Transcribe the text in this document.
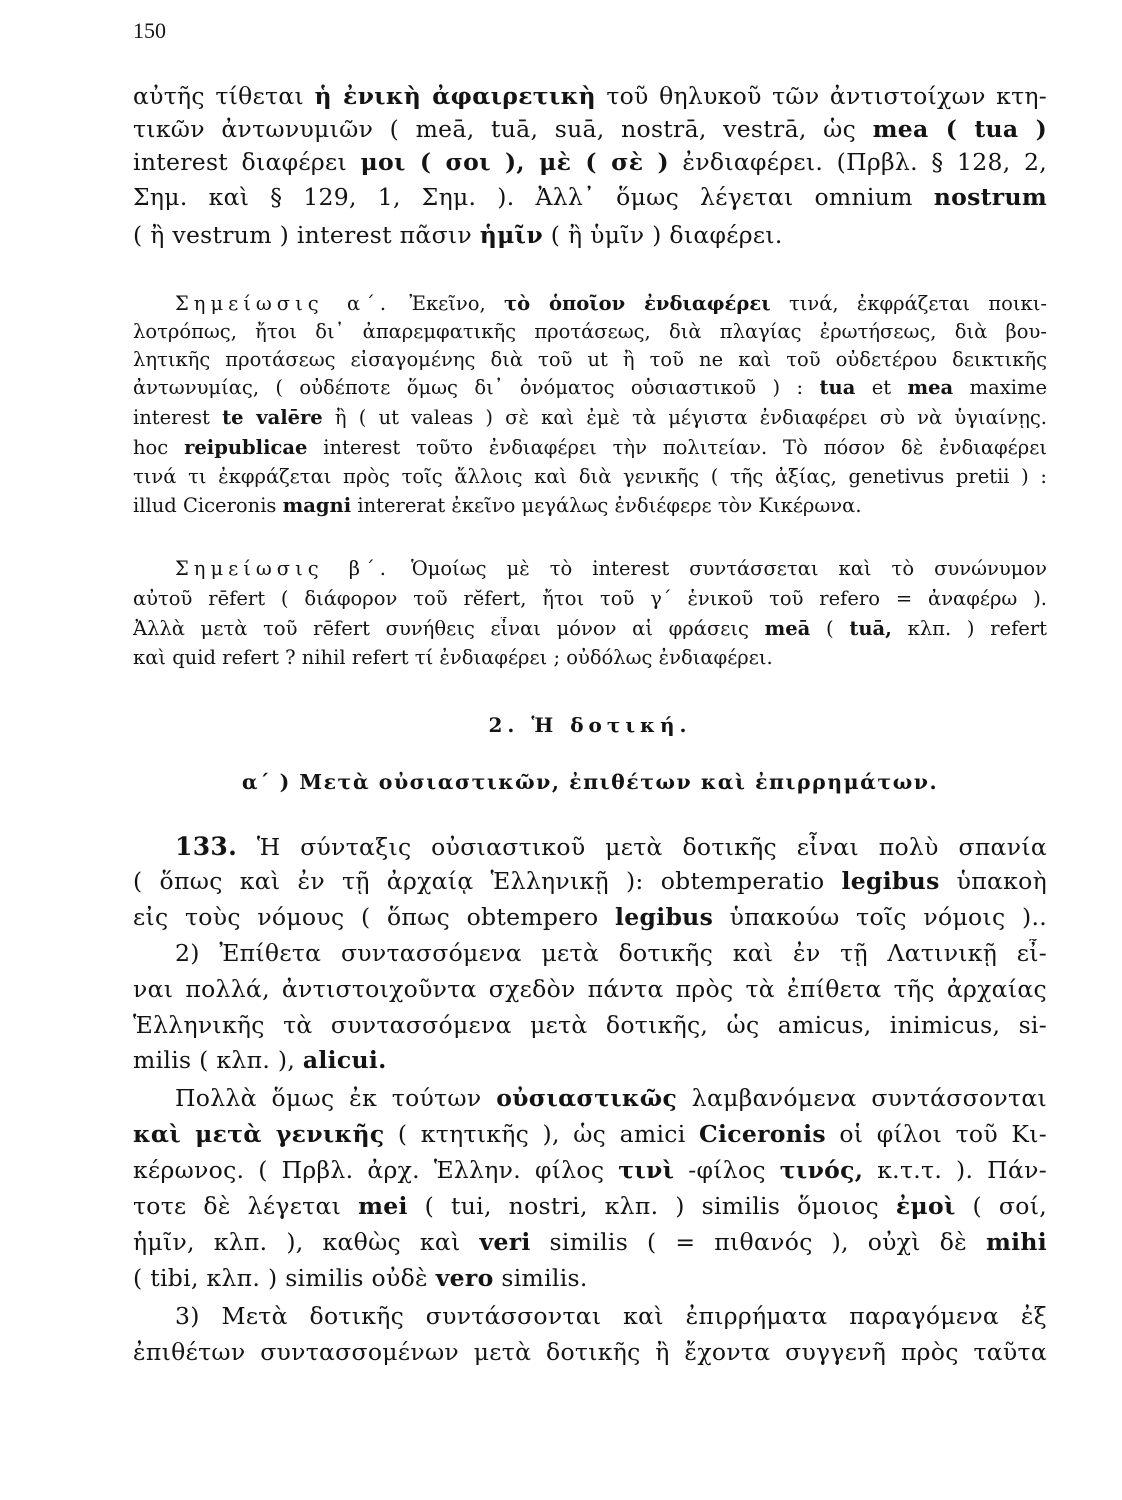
150
αὐτῆς τίθεται ἡ ἐνικὴ ἀφαιρετικὴ τοῦ θηλυκοῦ τῶν ἀντιστοίχων κτη-
τικῶν ἀντωνυμιῶν ( meā, tuā, suā, nostrā, vestrā, ὡς mea ( tua )
interest διαφέρει μοι ( σοι ), μὲ ( σὲ ) ἐνδιαφέρει. (Πρβλ. § 128, 2,
Σημ. καὶ § 129, 1, Σημ. ). Ἀλλ᾽ ὅμως λέγεται omnium nostrum
( ἢ vestrum ) interest πᾶσιν ἡμῖν ( ἢ ὑμῖν ) διαφέρει.
Σημείωσις α΄. Ἐκεῖνο, τὸ ὁποῖον ἐνδιαφέρει τινά, ἐκφράζεται ποικι-
λοτρόπως, ἤτοι δι᾽ ἀπαρεμφατικῆς προτάσεως, διὰ πλαγίας ἐρωτήσεως, διὰ βου-
λητικῆς προτάσεως εἰσαγομένης διὰ τοῦ ut ἢ τοῦ ne καὶ τοῦ οὐδετέρου δεικτικῆς
ἀντωνυμίας, ( οὐδέποτε ὅμως δι᾽ ὀνόματος οὐσιαστικοῦ ) : tua et mea maxime
interest te valēre ἢ ( ut valeas ) σὲ καὶ ἐμὲ τὰ μέγιστα ἐνδιαφέρει σὺ νὰ ὑγιαίνῃς.
hoc reipublicae interest τοῦτο ἐνδιαφέρει τὴν πολιτείαν. Τὸ πόσον δὲ ἐνδιαφέρει
τινά τι ἐκφράζεται πρὸς τοῖς ἄλλοις καὶ διὰ γενικῆς ( τῆς ἀξίας, genetivus pretii ) :
illud Ciceronis magni intererat ἐκεῖνο μεγάλως ἐνδιέφερε τὸν Κικέρωνα.
Σημείωσις β΄. Ὁμοίως μὲ τὸ interest συντάσσεται καὶ τὸ συνώνυμον
αὐτοῦ rēfert ( διάφορον τοῦ rĕfert, ἤτοι τοῦ γ΄ ἑνικοῦ τοῦ refero = ἀναφέρω ).
Ἀλλὰ μετὰ τοῦ rēfert συνήθεις εἶναι μόνον αἱ φράσεις meā ( tuā, κλπ. ) refert
καὶ quid refert ? nihil refert τί ἐνδιαφέρει ; οὐδόλως ἐνδιαφέρει.
2. Ἡ δοτική.
α΄ ) Μετὰ οὐσιαστικῶν, ἐπιθέτων καὶ ἐπιρρημάτων.
133. Ἡ σύνταξις οὐσιαστικοῦ μετὰ δοτικῆς εἶναι πολὺ σπανία
( ὅπως καὶ ἐν τῇ ἀρχαίᾳ Ἑλληνικῇ ): obtemperatio legibus ὑπακοὴ
εἰς τοὺς νόμους ( ὅπως obtempero legibus ὑπακούω τοῖς νόμοις )..
2) Ἐπίθετα συντασσόμενα μετὰ δοτικῆς καὶ ἐν τῇ Λατινικῇ εἶ-
ναι πολλά, ἀντιστοιχοῦντα σχεδὸν πάντα πρὸς τὰ ἐπίθετα τῆς ἀρχαίας
Ἑλληνικῆς τὰ συντασσόμενα μετὰ δοτικῆς, ὡς amicus, inimicus, si-
milis ( κλπ. ), alicui.
Πολλὰ ὅμως ἐκ τούτων οὐσιαστικῶς λαμβανόμενα συντάσσονται
καὶ μετὰ γενικῆς ( κτητικῆς ), ὡς amici Ciceronis οἱ φίλοι τοῦ Κι-
κέρωνος. ( Πρβλ. ἀρχ. Ἑλλην. φίλος τινὶ -φίλος τινός, κ.τ.τ. ). Πάν-
τοτε δὲ λέγεται mei ( tui, nostri, κλπ. ) similis ὅμοιος ἐμοὶ ( σοί,
ἡμῖν, κλπ. ), καθὼς καὶ veri similis ( = πιθανός ), οὐχὶ δὲ mihi
( tibi, κλπ. ) similis οὐδὲ vero similis.
3) Μετὰ δοτικῆς συντάσσονται καὶ ἐπιρρήματα παραγόμενα ἐξ
ἐπιθέτων συντασσομένων μετὰ δοτικῆς ἢ ἔχοντα συγγενῆ πρὸς ταῦτα
